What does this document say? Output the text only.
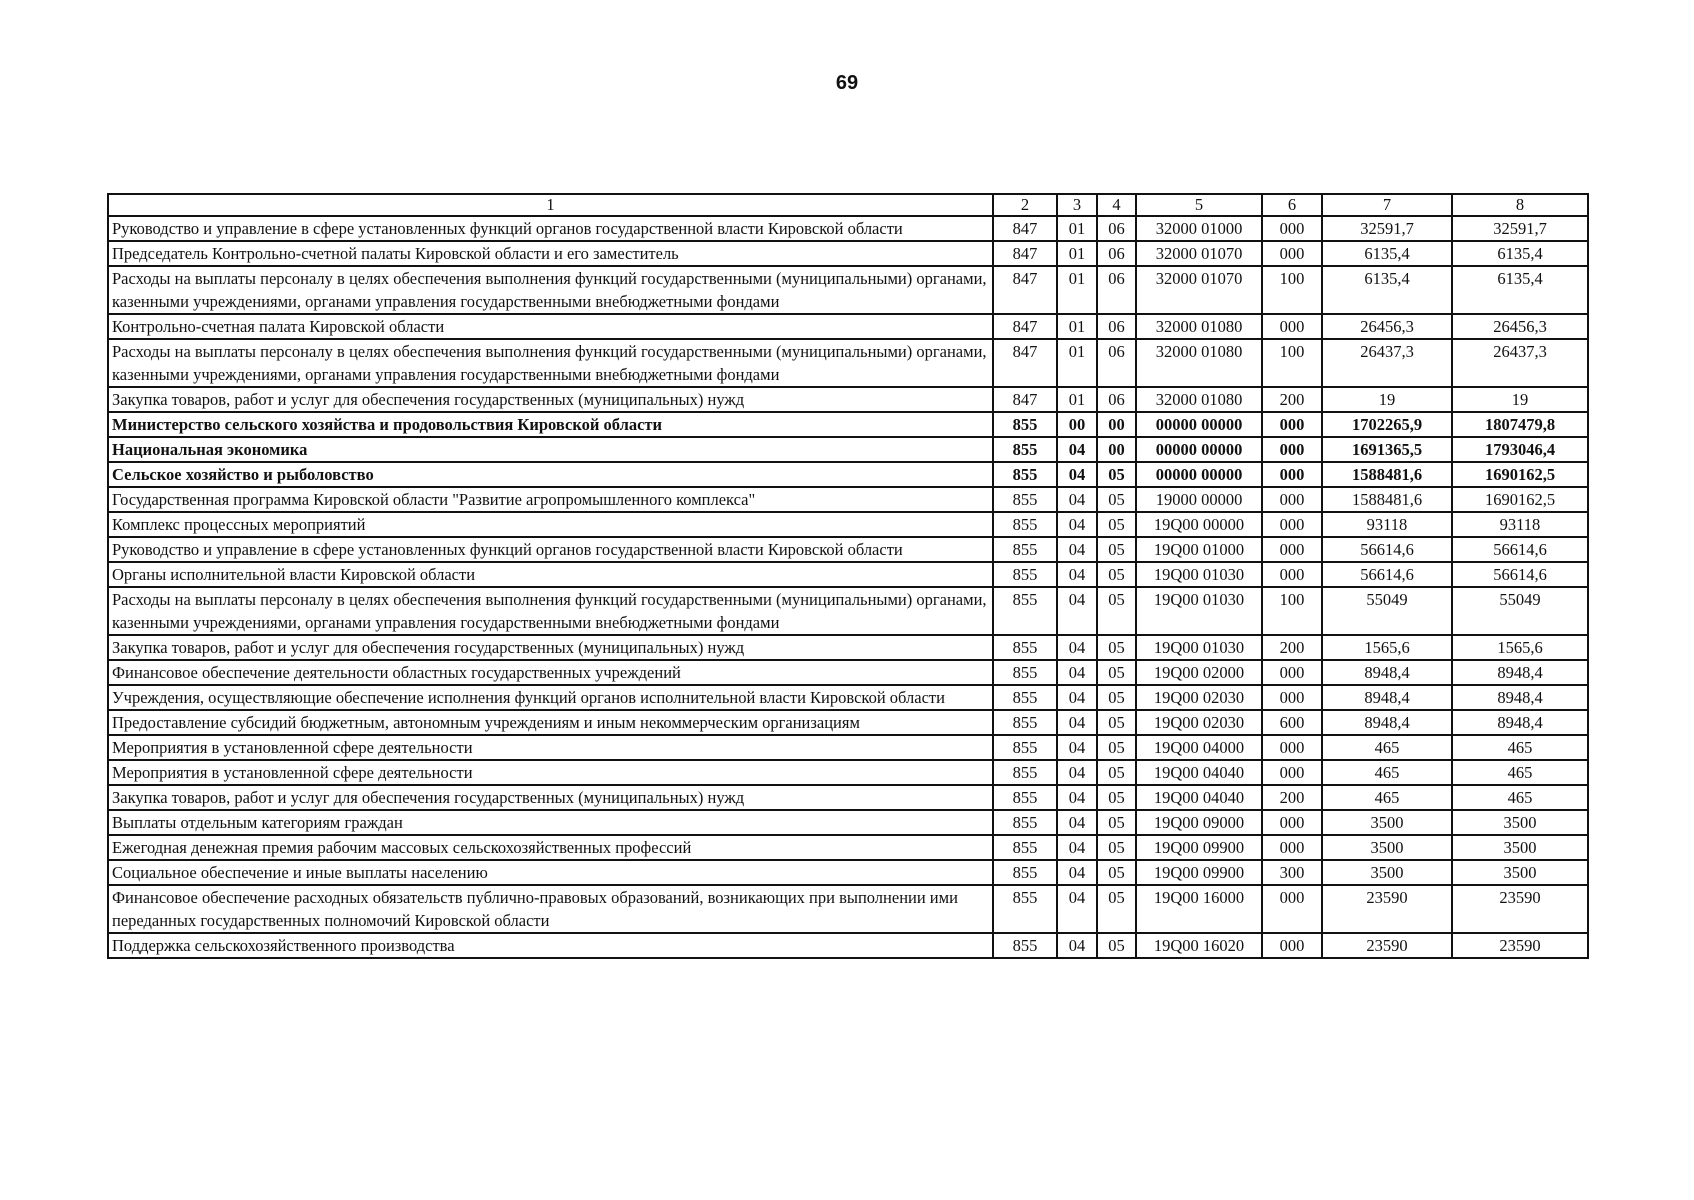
69
1	2	3	4	5	6	7	8
Руководство и управление в сфере установленных функций органов государственной власти Кировской области	847	01	06	32000 01000	000	32591,7	32591,7
Председатель Контрольно-счетной палаты Кировской области и его заместитель	847	01	06	32000 01070	000	6135,4	6135,4
Расходы на выплаты персоналу в целях обеспечения выполнения функций государственными (муниципальными) органами, казенными учреждениями, органами управления государственными внебюджетными фондами	847	01	06	32000 01070	100	6135,4	6135,4
Контрольно-счетная палата Кировской области	847	01	06	32000 01080	000	26456,3	26456,3
Расходы на выплаты персоналу в целях обеспечения выполнения функций государственными (муниципальными) органами, казенными учреждениями, органами управления государственными внебюджетными фондами	847	01	06	32000 01080	100	26437,3	26437,3
Закупка товаров, работ и услуг для обеспечения государственных (муниципальных) нужд	847	01	06	32000 01080	200	19	19
Министерство сельского хозяйства и продовольствия Кировской области	855	00	00	00000 00000	000	1702265,9	1807479,8
Национальная экономика	855	04	00	00000 00000	000	1691365,5	1793046,4
Сельское хозяйство и рыболовство	855	04	05	00000 00000	000	1588481,6	1690162,5
Государственная программа Кировской области "Развитие агропромышленного комплекса"	855	04	05	19000 00000	000	1588481,6	1690162,5
Комплекс процессных мероприятий	855	04	05	19Q00 00000	000	93118	93118
Руководство и управление в сфере установленных функций органов государственной власти Кировской области	855	04	05	19Q00 01000	000	56614,6	56614,6
Органы исполнительной власти Кировской области	855	04	05	19Q00 01030	000	56614,6	56614,6
Расходы на выплаты персоналу в целях обеспечения выполнения функций государственными (муниципальными) органами, казенными учреждениями, органами управления государственными внебюджетными фондами	855	04	05	19Q00 01030	100	55049	55049
Закупка товаров, работ и услуг для обеспечения государственных (муниципальных) нужд	855	04	05	19Q00 01030	200	1565,6	1565,6
Финансовое обеспечение деятельности областных государственных учреждений	855	04	05	19Q00 02000	000	8948,4	8948,4
Учреждения, осуществляющие обеспечение исполнения функций органов исполнительной власти Кировской области	855	04	05	19Q00 02030	000	8948,4	8948,4
Предоставление субсидий бюджетным, автономным учреждениям и иным некоммерческим организациям	855	04	05	19Q00 02030	600	8948,4	8948,4
Мероприятия в установленной сфере деятельности	855	04	05	19Q00 04000	000	465	465
Мероприятия в установленной сфере деятельности	855	04	05	19Q00 04040	000	465	465
Закупка товаров, работ и услуг для обеспечения государственных (муниципальных) нужд	855	04	05	19Q00 04040	200	465	465
Выплаты отдельным категориям граждан	855	04	05	19Q00 09000	000	3500	3500
Ежегодная денежная премия рабочим массовых сельскохозяйственных профессий	855	04	05	19Q00 09900	000	3500	3500
Социальное обеспечение и иные выплаты населению	855	04	05	19Q00 09900	300	3500	3500
Финансовое обеспечение расходных обязательств публично-правовых образований, возникающих при выполнении ими переданных государственных полномочий Кировской области	855	04	05	19Q00 16000	000	23590	23590
Поддержка сельскохозяйственного производства	855	04	05	19Q00 16020	000	23590	23590
